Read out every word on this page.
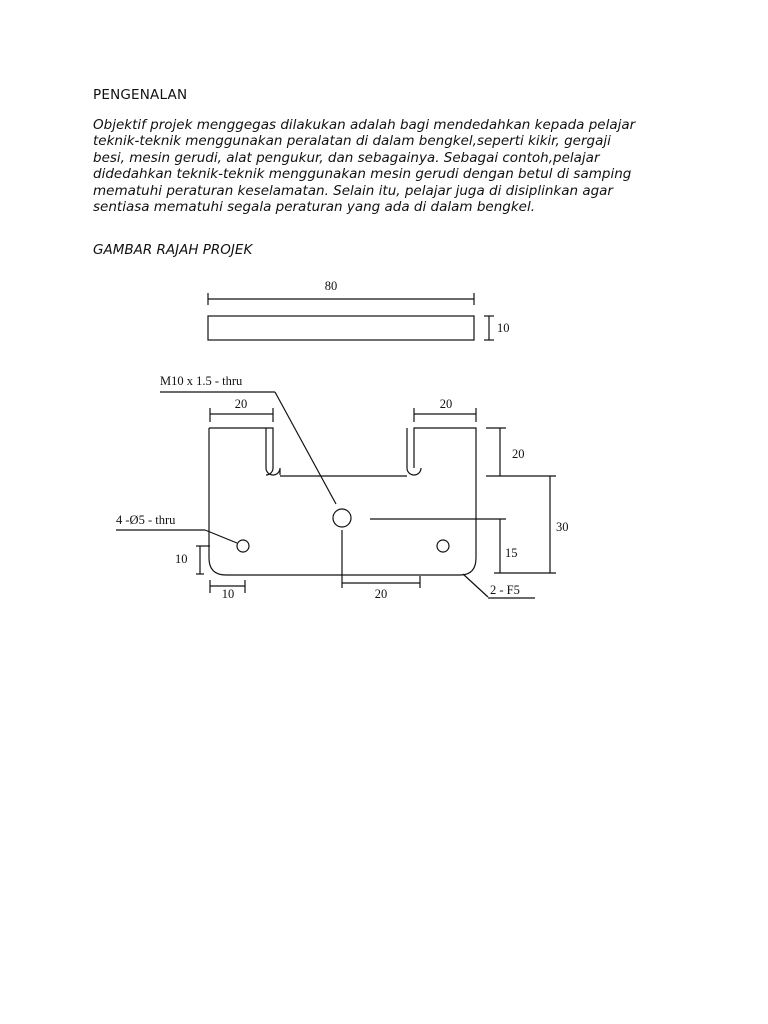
PENGENALAN
Objektif projek menggegas dilakukan adalah bagi mendedahkan kepada pelajar
teknik-teknik menggunakan peralatan di dalam bengkel,seperti kikir, gergaji
besi, mesin gerudi, alat pengukur, dan sebagainya. Sebagai contoh,pelajar
didedahkan teknik-teknik menggunakan mesin gerudi dengan betul di samping
mematuhi peraturan keselamatan. Selain itu, pelajar juga di disiplinkan agar
sentiasa mematuhi segala peraturan yang ada di dalam bengkel.
GAMBAR RAJAH PROJEK
80
10
M10 x 1.5 - thru
20	20
20
30
15
4 -Ø5 - thru
10
10	20	2 - F5
